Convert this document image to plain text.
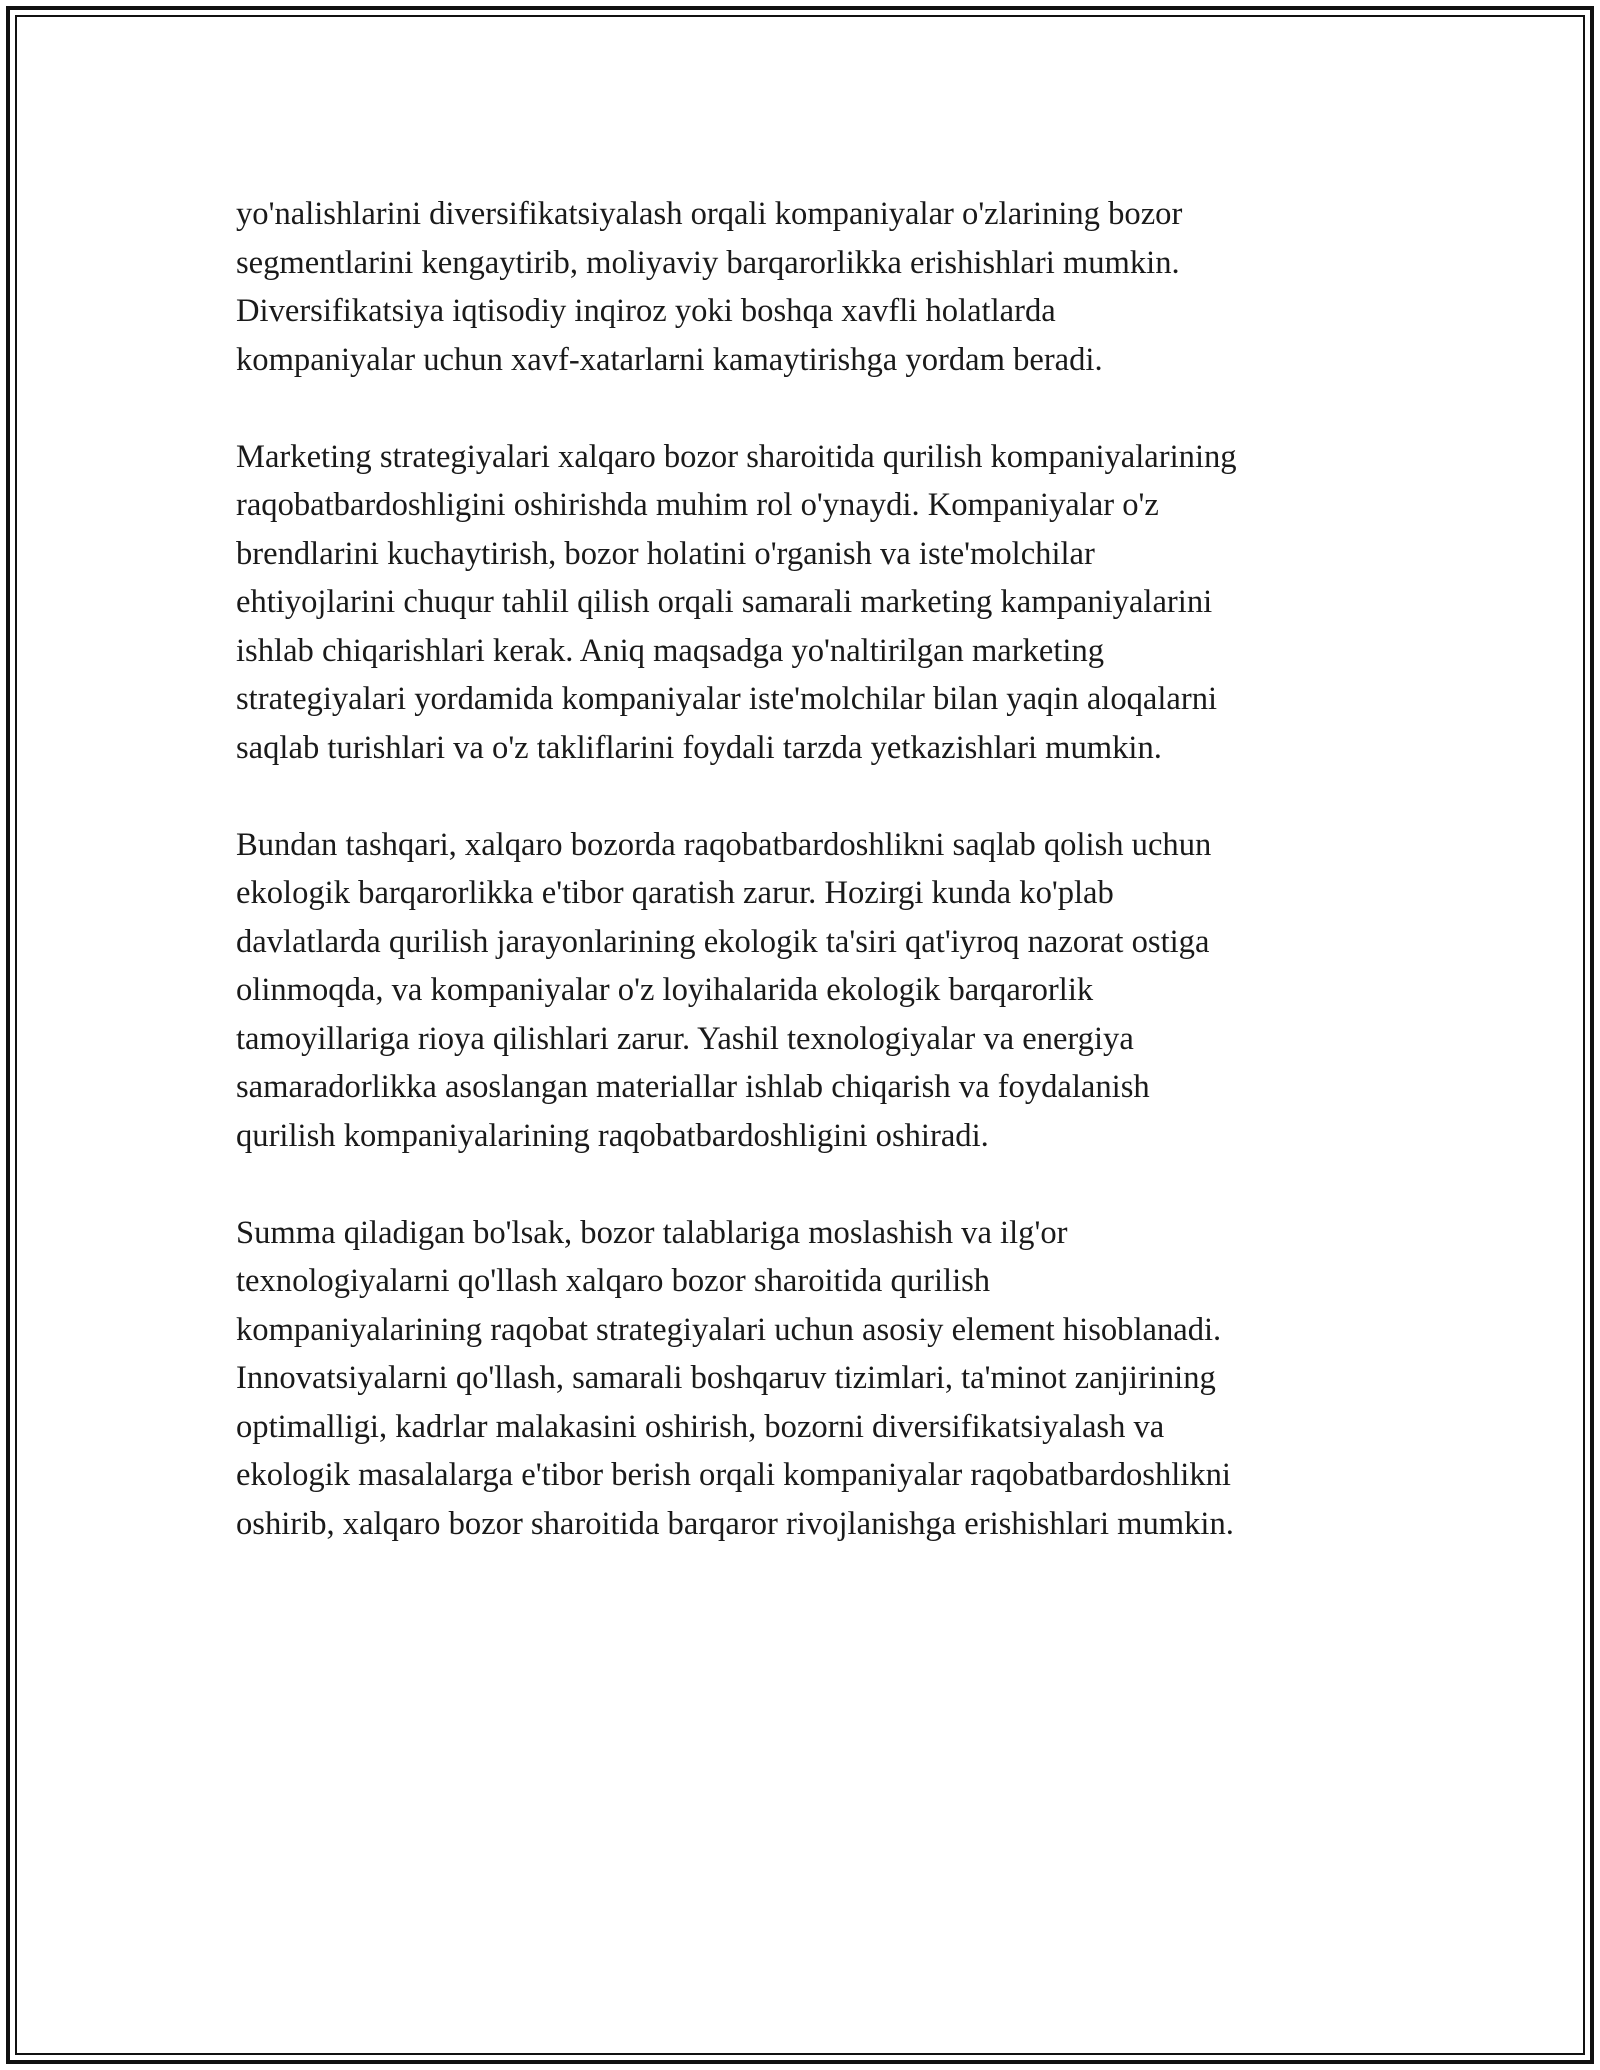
yo'nalishlarini diversifikatsiyalash orqali kompaniyalar o'zlarining bozor
segmentlarini kengaytirib, moliyaviy barqarorlikka erishishlari mumkin.
Diversifikatsiya iqtisodiy inqiroz yoki boshqa xavfli holatlarda
kompaniyalar uchun xavf-xatarlarni kamaytirishga yordam beradi.

Marketing strategiyalari xalqaro bozor sharoitida qurilish kompaniyalarining
raqobatbardoshligini oshirishda muhim rol o'ynaydi. Kompaniyalar o'z
brendlarini kuchaytirish, bozor holatini o'rganish va iste'molchilar
ehtiyojlarini chuqur tahlil qilish orqali samarali marketing kampaniyalarini
ishlab chiqarishlari kerak. Aniq maqsadga yo'naltirilgan marketing
strategiyalari yordamida kompaniyalar iste'molchilar bilan yaqin aloqalarni
saqlab turishlari va o'z takliflarini foydali tarzda yetkazishlari mumkin.

Bundan tashqari, xalqaro bozorda raqobatbardoshlikni saqlab qolish uchun
ekologik barqarorlikka e'tibor qaratish zarur. Hozirgi kunda ko'plab
davlatlarda qurilish jarayonlarining ekologik ta'siri qat'iyroq nazorat ostiga
olinmoqda, va kompaniyalar o'z loyihalarida ekologik barqarorlik
tamoyillariga rioya qilishlari zarur. Yashil texnologiyalar va energiya
samaradorlikka asoslangan materiallar ishlab chiqarish va foydalanish
qurilish kompaniyalarining raqobatbardoshligini oshiradi.

Summa qiladigan bo'lsak, bozor talablariga moslashish va ilg'or
texnologiyalarni qo'llash xalqaro bozor sharoitida qurilish
kompaniyalarining raqobat strategiyalari uchun asosiy element hisoblanadi.
Innovatsiyalarni qo'llash, samarali boshqaruv tizimlari, ta'minot zanjirining
optimalligi, kadrlar malakasini oshirish, bozorni diversifikatsiyalash va
ekologik masalalarga e'tibor berish orqali kompaniyalar raqobatbardoshlikni
oshirib, xalqaro bozor sharoitida barqaror rivojlanishga erishishlari mumkin.
